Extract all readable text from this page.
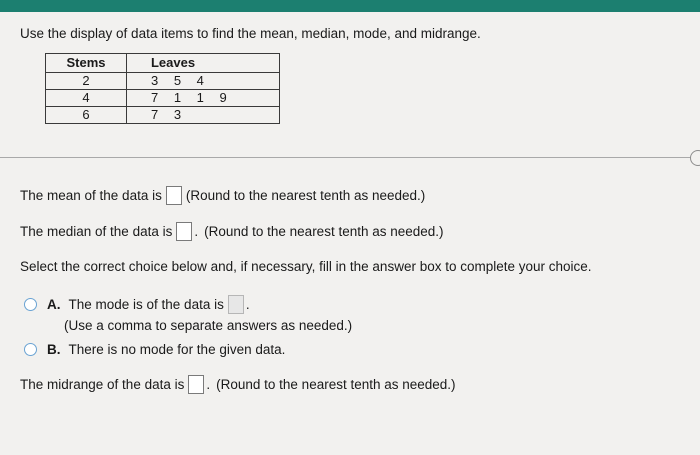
Use the display of data items to find the mean, median, mode, and midrange.
Stems	Leaves
2	3 5 4
4	7 1 1 9
6	7 3
The mean of the data is (Round to the nearest tenth as needed.)
The median of the data is . (Round to the nearest tenth as needed.)
Select the correct choice below and, if necessary, fill in the answer box to complete your choice.
A. The mode is of the data is .
(Use a comma to separate answers as needed.)
B. There is no mode for the given data.
The midrange of the data is . (Round to the nearest tenth as needed.)
